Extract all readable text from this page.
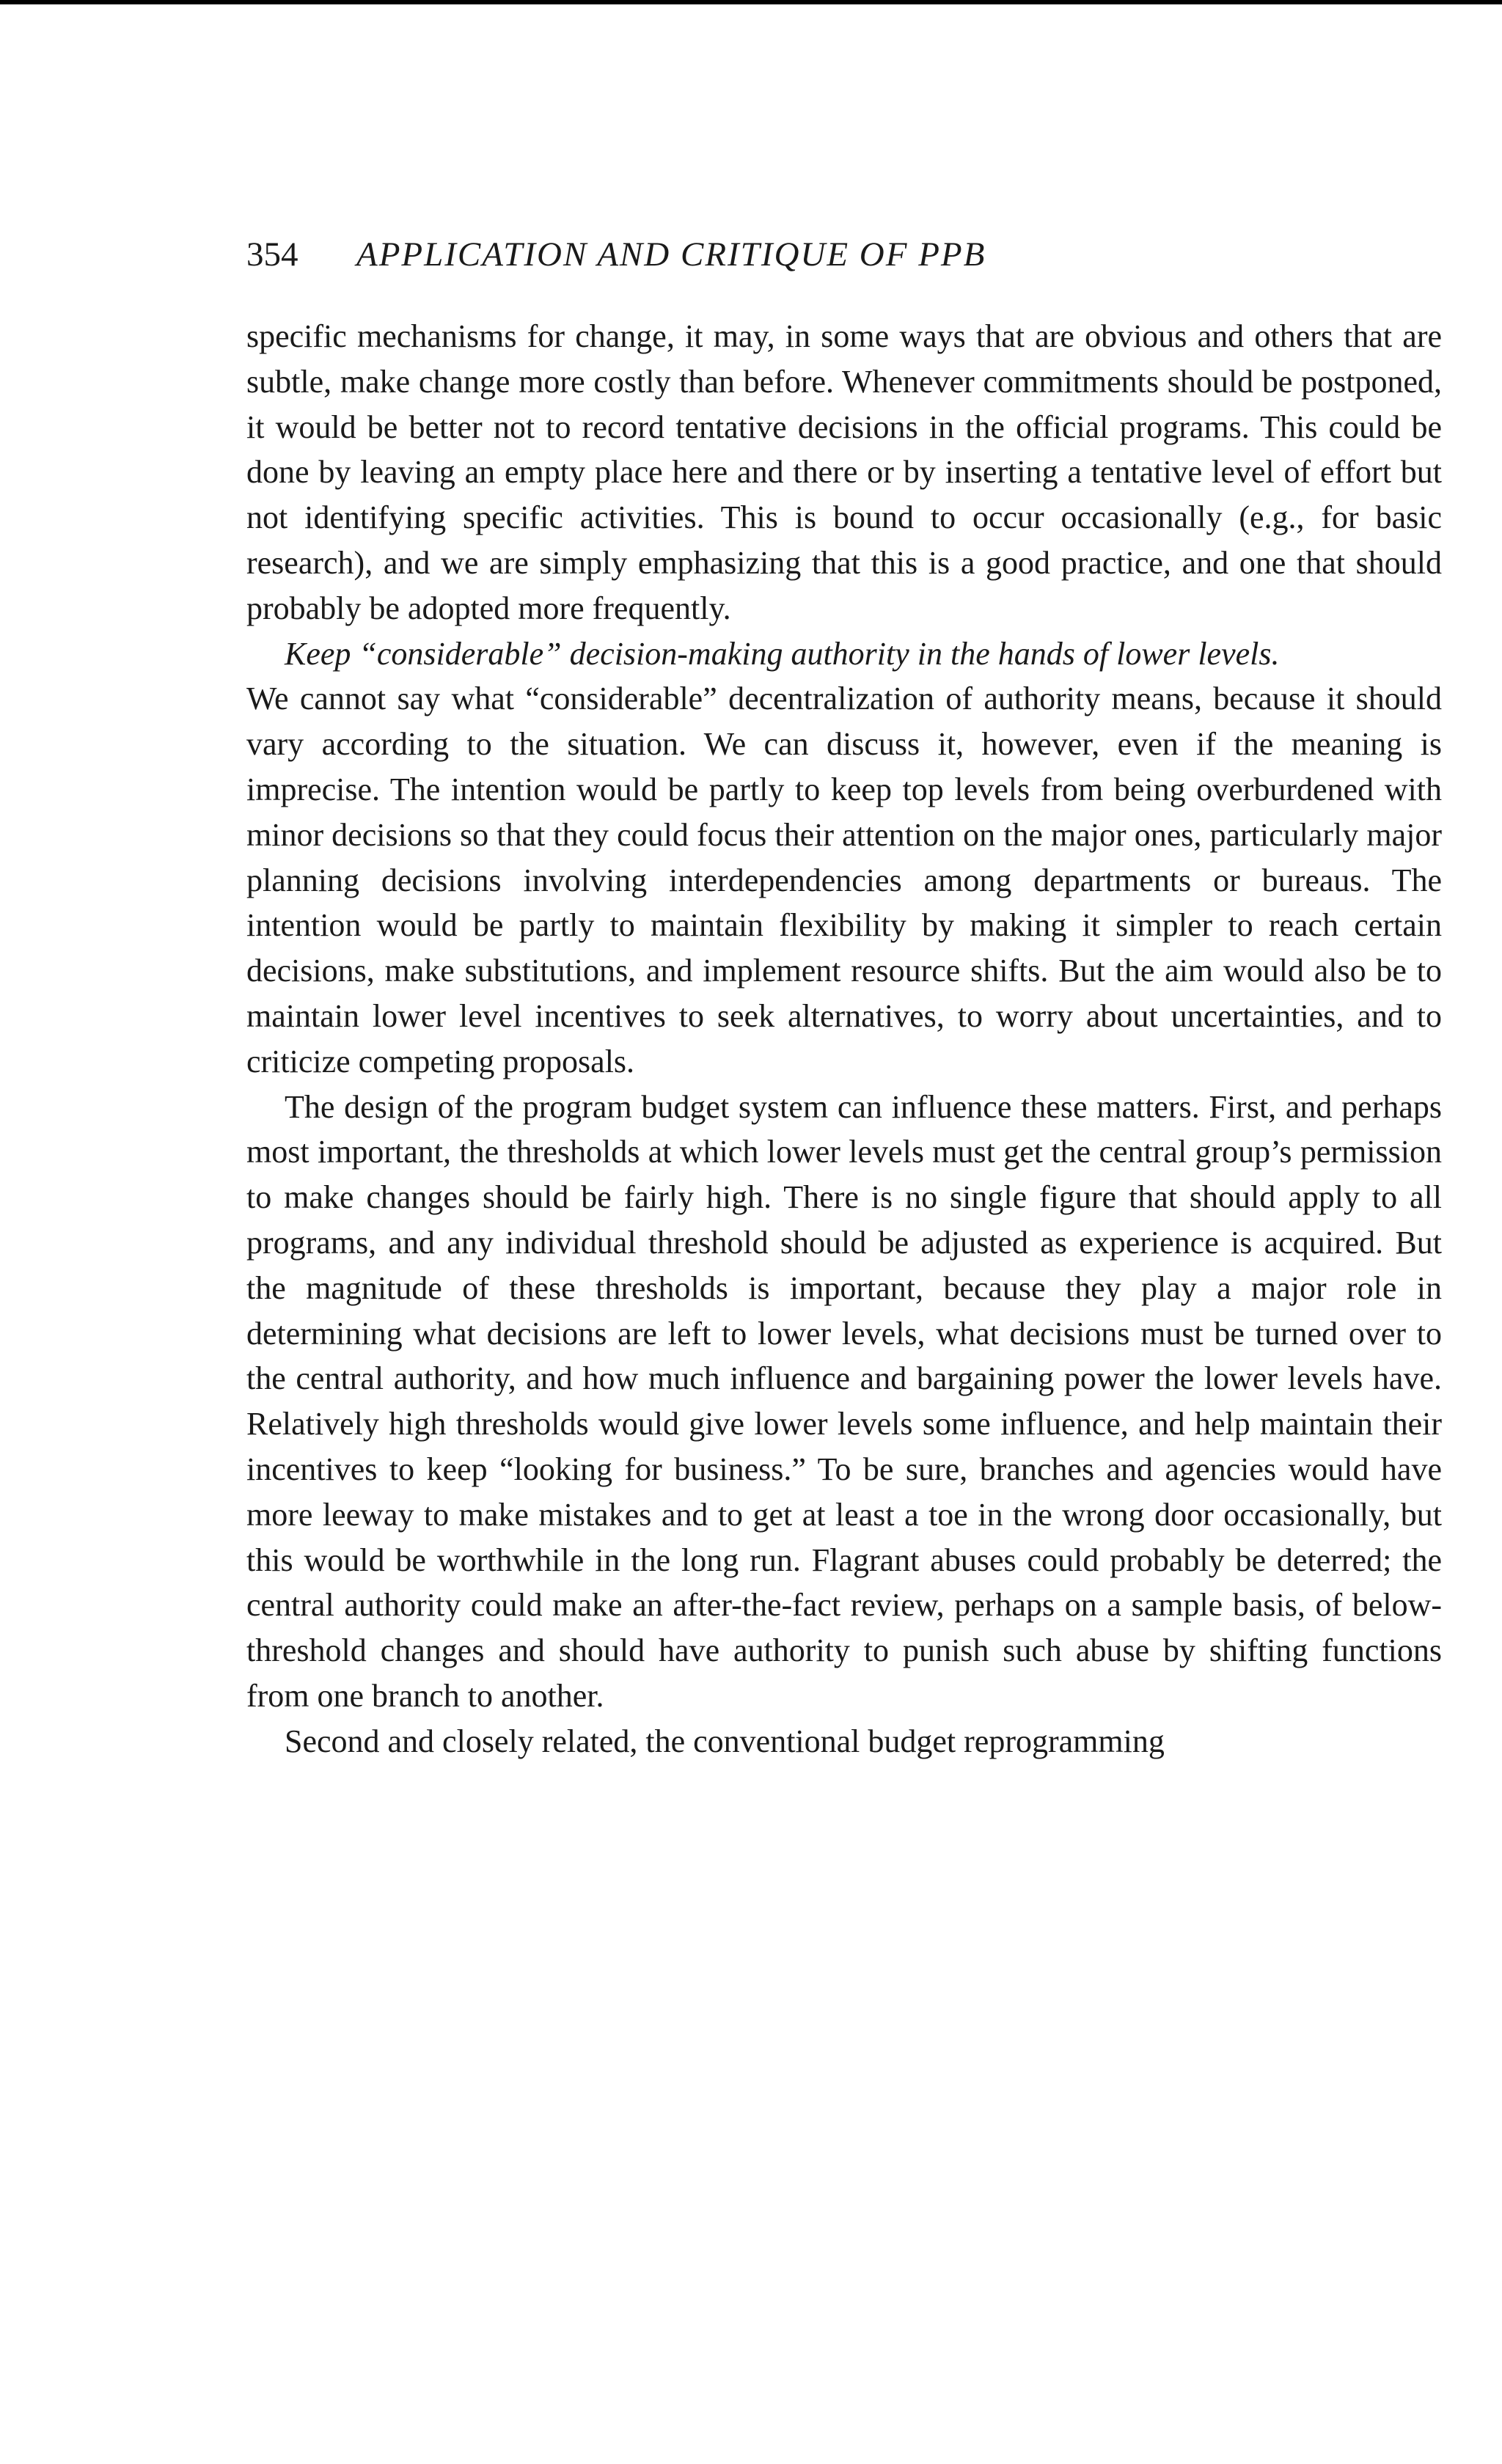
354 APPLICATION AND CRITIQUE OF PPB

specific mechanisms for change, it may, in some ways that are obvious and others that are subtle, make change more costly than before. Whenever commitments should be postponed, it would be better not to record tentative decisions in the official programs. This could be done by leaving an empty place here and there or by inserting a tentative level of effort but not identifying specific activities. This is bound to occur occasionally (e.g., for basic research), and we are simply emphasizing that this is a good practice, and one that should probably be adopted more frequently.

Keep “considerable” decision-making authority in the hands of lower levels.

We cannot say what “considerable” decentralization of authority means, because it should vary according to the situation. We can discuss it, however, even if the meaning is imprecise. The intention would be partly to keep top levels from being overburdened with minor decisions so that they could focus their attention on the major ones, particularly major planning decisions involving interdependencies among departments or bureaus. The intention would be partly to maintain flexibility by making it simpler to reach certain decisions, make substitutions, and implement resource shifts. But the aim would also be to maintain lower level incentives to seek alternatives, to worry about uncertainties, and to criticize competing proposals.

The design of the program budget system can influence these matters. First, and perhaps most important, the thresholds at which lower levels must get the central group’s permission to make changes should be fairly high. There is no single figure that should apply to all programs, and any individual threshold should be adjusted as experience is acquired. But the magnitude of these thresholds is important, because they play a major role in determining what decisions are left to lower levels, what decisions must be turned over to the central authority, and how much influence and bargaining power the lower levels have. Relatively high thresholds would give lower levels some influence, and help maintain their incentives to keep “looking for business.” To be sure, branches and agencies would have more leeway to make mistakes and to get at least a toe in the wrong door occasionally, but this would be worthwhile in the long run. Flagrant abuses could probably be deterred; the central authority could make an after-the-fact review, perhaps on a sample basis, of below-threshold changes and should have authority to punish such abuse by shifting functions from one branch to another.

Second and closely related, the conventional budget reprogramming
